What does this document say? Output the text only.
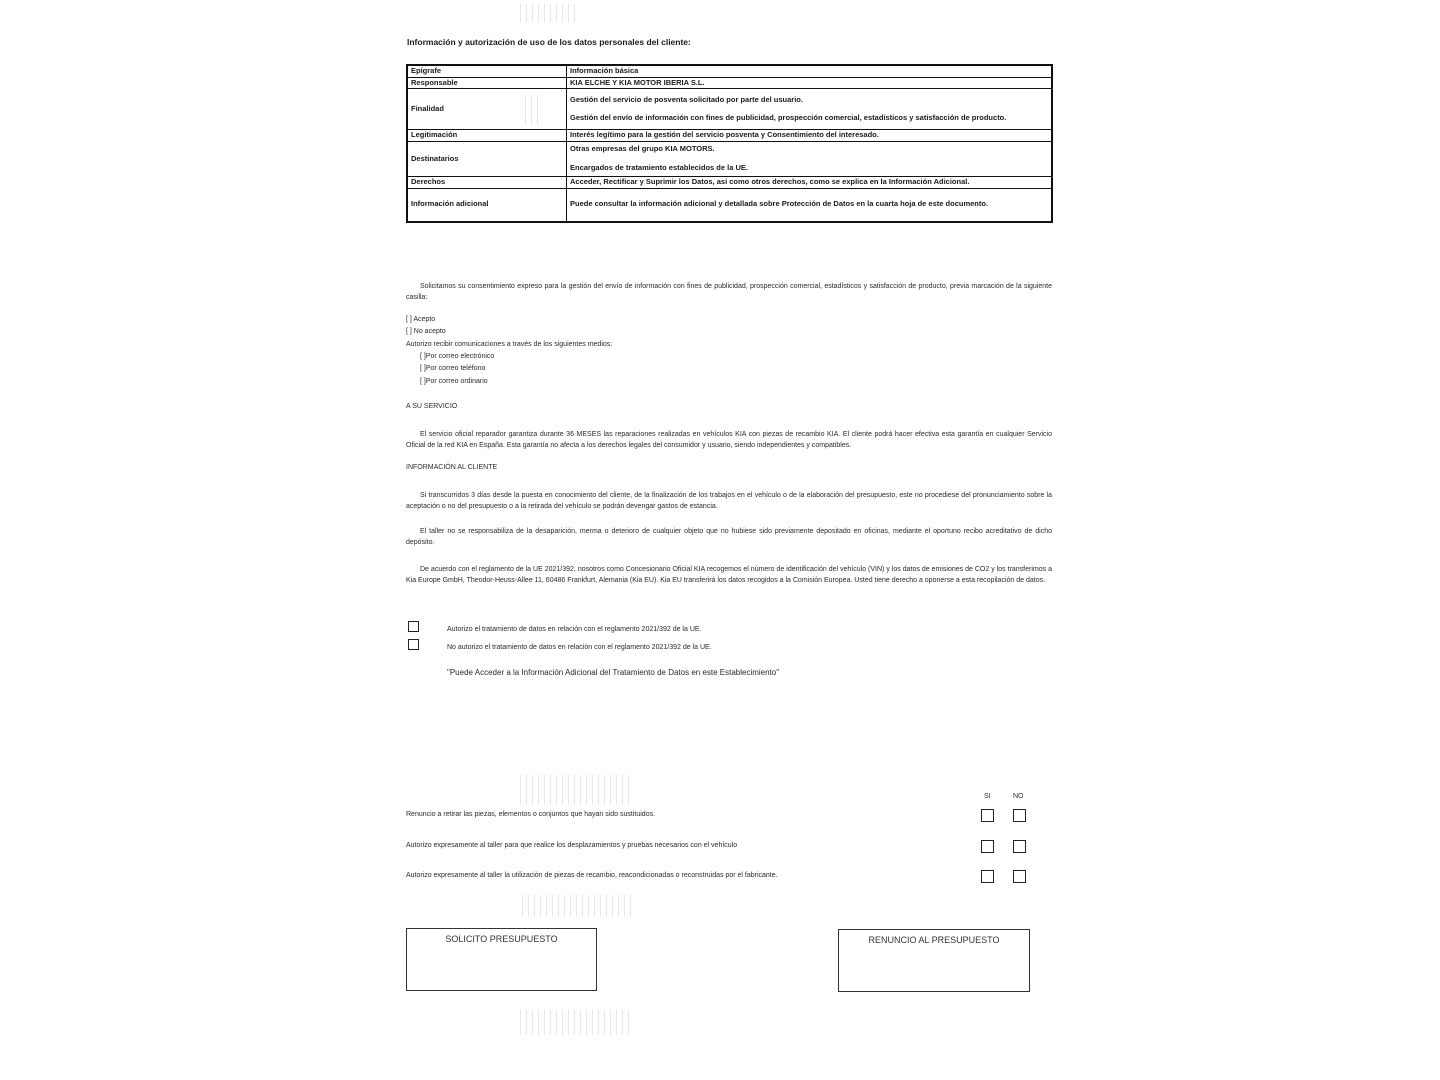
Información y autorización de uso de los datos personales del cliente:
Epígrafe	Información básica
Responsable	KIA ELCHE Y KIA MOTOR IBERIA S.L.
Finalidad	Gestión del servicio de posventa solicitado por parte del usuario.
Gestión del envío de información con fines de publicidad, prospección comercial, estadísticos y satisfacción de producto.

Legitimación	Interés legítimo para la gestión del servicio posventa y Consentimiento del interesado.
Destinatarios	Otras empresas del grupo KIA MOTORS.
Encargados de tratamiento establecidos de la UE.

Derechos	Acceder, Rectificar y Suprimir los Datos, así como otros derechos, como se explica en la Información Adicional.
Información adicional	Puede consultar la información adicional y detallada sobre Protección de Datos en la cuarta hoja de este documento.
Solicitamos su consentimiento expreso para la gestión del envío de información con fines de publicidad, prospección comercial, estadísticos y satisfacción de producto, previa marcación de la siguiente casilla:
[ ] Acepto
[ ] No acepto
Autorizo recibir comunicaciones a través de los siguientes medios:
[ ]Por correo electrónico
[ ]Por correo teléfono
[ ]Por correo ordinario
A SU SERVICIO
El servicio oficial reparador garantiza durante 36 MESES las reparaciones realizadas en vehículos KIA con piezas de recambio KIA. El cliente podrá hacer efectiva esta garantía en cualquier Servicio Oficial de la red KIA en España. Esta garantía no afecta a los derechos legales del consumidor y usuario, siendo independientes y compatibles.
INFORMACIÓN AL CLIENTE
Si transcurridos 3 días desde la puesta en conocimiento del cliente, de la finalización de los trabajos en el vehículo o de la elaboración del presupuesto, este no procediese del pronunciamiento sobre la aceptación o no del presupuesto o a la retirada del vehículo se podrán devengar gastos de estancia.
El taller no se responsabiliza de la desaparición, merma o deterioro de cualquier objeto que no hubiese sido previamente depositado en oficinas, mediante el oportuno recibo acreditativo de dicho depósito.
De acuerdo con el reglamento de la UE 2021/392, nosotros como Concesionario Oficial KIA recogemos el número de identificación del vehículo (VIN) y los datos de emisiones de CO2 y los transferimos a Kia Europe GmbH, Theodor-Heuss-Allee 11, 60486 Frankfurt, Alemania (Kia EU). Kia EU transferirá los datos recogidos a la Comisión Europea. Usted tiene derecho a oponerse a esta recopilación de datos.
Autorizo el tratamiento de datos en relación con el reglamento 2021/392 de la UE.
No autorizo el tratamiento de datos en relación con el reglamento 2021/392 de la UE.
"Puede Acceder a la Información Adicional del Tratamiento de Datos en este Establecimiento"
SI	NO
Renuncio a retirar las piezas, elementos o conjuntos que hayan sido sustituidos.
Autorizo expresamente al taller para que realice los desplazamientos y pruebas necesarios con el vehículo
Autorizo expresamente al taller la utilización de piezas de recambio, reacondicionadas o reconstruidas por el fabricante.
SOLICITO PRESUPUESTO	RENUNCIO AL PRESUPUESTO
